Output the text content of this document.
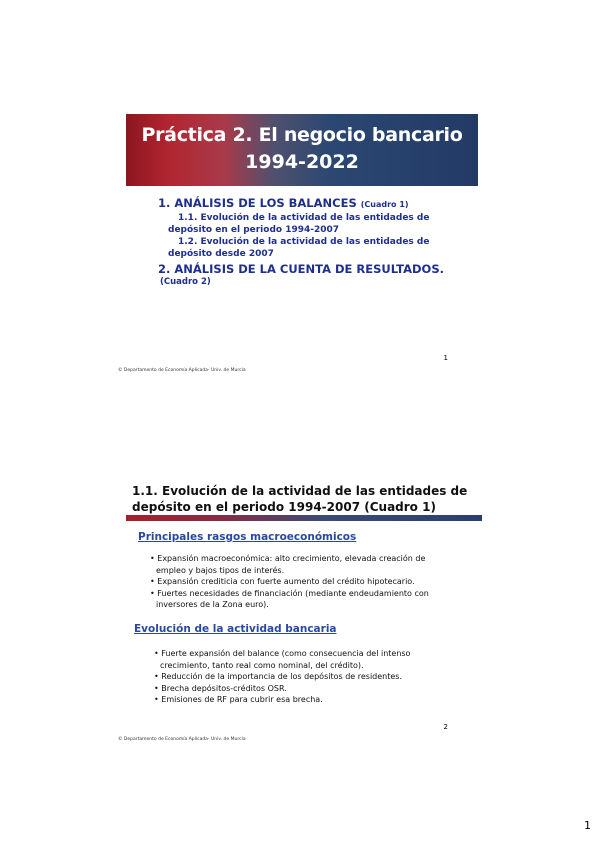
Práctica 2. El negocio bancario
1994-2022
1. ANÁLISIS DE LOS BALANCES (Cuadro 1)
1.1. Evolución de la actividad de las entidades de
depósito en el periodo 1994-2007
1.2. Evolución de la actividad de las entidades de
depósito desde 2007
2. ANÁLISIS DE LA CUENTA DE RESULTADOS.
(Cuadro 2)
1
© Departamento de Economía Aplicada- Univ. de Murcia
1.1. Evolución de la actividad de las entidades de
depósito en el periodo 1994-2007 (Cuadro 1)
Principales rasgos macroeconómicos
• Expansión macroeconómica: alto crecimiento, elevada creación de
empleo y bajos tipos de interés.
• Expansión crediticia con fuerte aumento del crédito hipotecario.
• Fuertes necesidades de financiación (mediante endeudamiento con
inversores de la Zona euro).
Evolución de la actividad bancaria
• Fuerte expansión del balance (como consecuencia del intenso
crecimiento, tanto real como nominal, del crédito).
• Reducción de la importancia de los depósitos de residentes.
• Brecha depósitos-créditos OSR.
• Emisiones de RF para cubrir esa brecha.
2
© Departamento de Economía Aplicada- Univ. de Murcia
1
